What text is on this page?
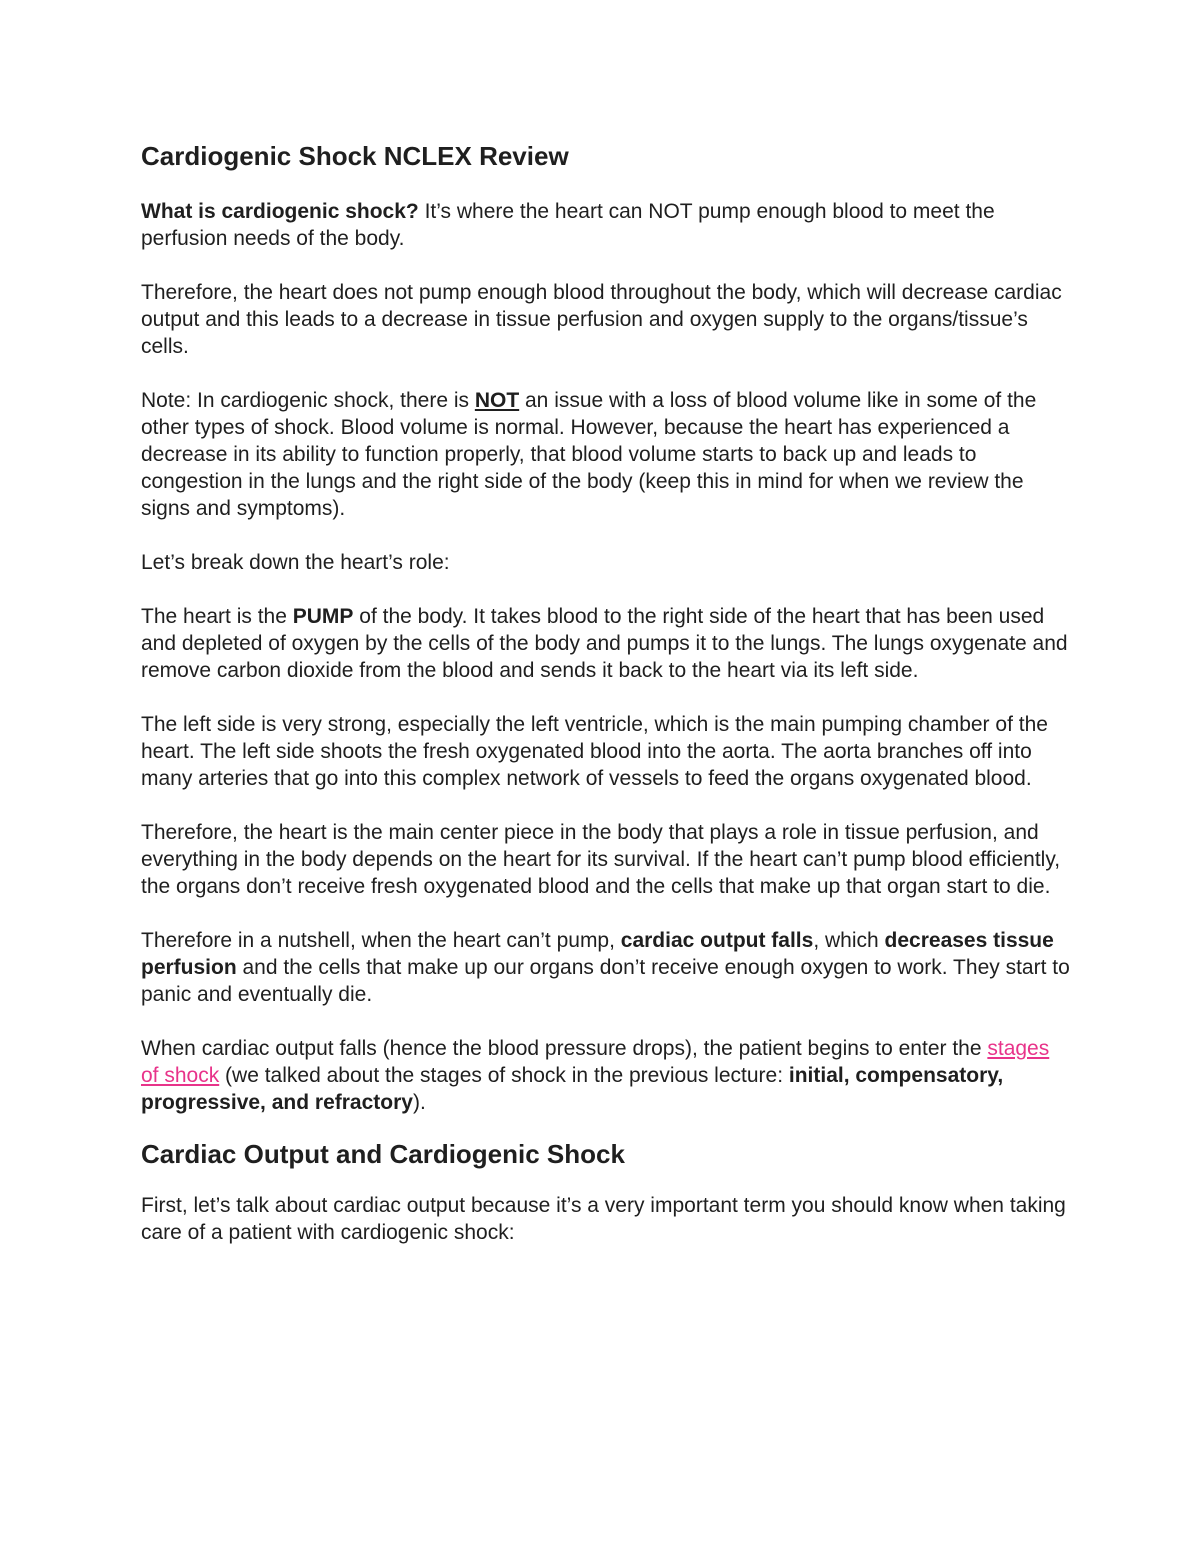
Cardiogenic Shock NCLEX Review

What is cardiogenic shock? It’s where the heart can NOT pump enough blood to meet the perfusion needs of the body.

Therefore, the heart does not pump enough blood throughout the body, which will decrease cardiac output and this leads to a decrease in tissue perfusion and oxygen supply to the organs/tissue’s cells.

Note: In cardiogenic shock, there is NOT an issue with a loss of blood volume like in some of the other types of shock. Blood volume is normal. However, because the heart has experienced a decrease in its ability to function properly, that blood volume starts to back up and leads to congestion in the lungs and the right side of the body (keep this in mind for when we review the signs and symptoms).

Let’s break down the heart’s role:

The heart is the PUMP of the body. It takes blood to the right side of the heart that has been used and depleted of oxygen by the cells of the body and pumps it to the lungs. The lungs oxygenate and remove carbon dioxide from the blood and sends it back to the heart via its left side.

The left side is very strong, especially the left ventricle, which is the main pumping chamber of the heart. The left side shoots the fresh oxygenated blood into the aorta. The aorta branches off into many arteries that go into this complex network of vessels to feed the organs oxygenated blood.

Therefore, the heart is the main center piece in the body that plays a role in tissue perfusion, and everything in the body depends on the heart for its survival. If the heart can’t pump blood efficiently, the organs don’t receive fresh oxygenated blood and the cells that make up that organ start to die.

Therefore in a nutshell, when the heart can’t pump, cardiac output falls, which decreases tissue perfusion and the cells that make up our organs don’t receive enough oxygen to work. They start to panic and eventually die.

When cardiac output falls (hence the blood pressure drops), the patient begins to enter the stages of shock (we talked about the stages of shock in the previous lecture: initial, compensatory, progressive, and refractory).

Cardiac Output and Cardiogenic Shock

First, let’s talk about cardiac output because it’s a very important term you should know when taking care of a patient with cardiogenic shock:
